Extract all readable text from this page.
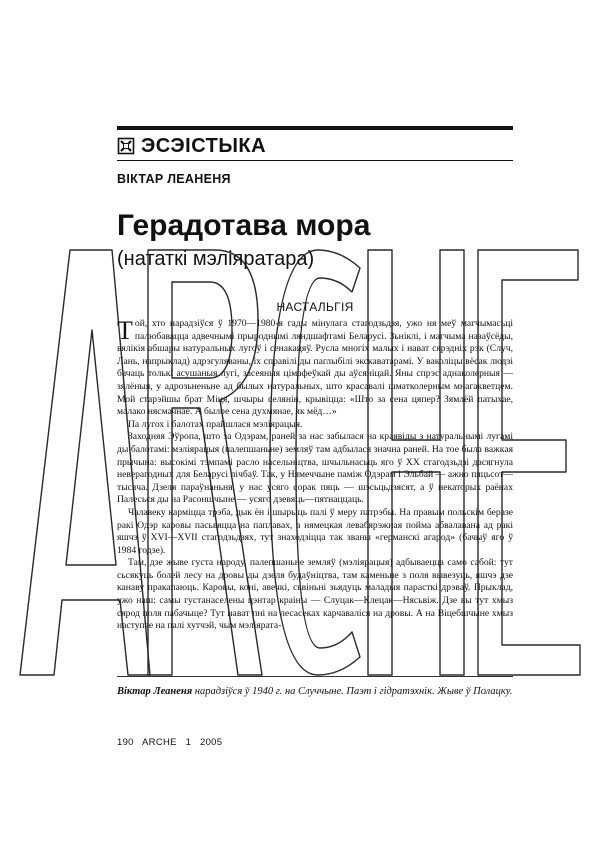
ЭСЭІСТЫКА
ВІКТАР ЛЕАНЕНЯ
Герадотава мора
(нататкі мэліяратара)
НАСТАЛЬГІЯ

Той, хто нарадзіўся ў 1970—1980-я гады мінулага стагодзьдзя, ужо ня меў магчымасьці палюбавацца адвечнымі прыроднымі ляндшафтамі Беларусі. Зьніклі, і магчыма назаўсёды, вялікія абшары натуральных лугоў і сенакацяў. Русла многіх малых і нават сярэдніх рэк (Случ, Лань, напрыклад) адрэгуляваны, іх справілі ды паглыбілі экскаватарамі. У ваколіцы вёсак людзі бачаць толькі асушаныя лугі, засеяныя цімафеўкай ды аўсяніцай. Яны спрэс аднаколерныя — зялёныя, у адрозьненьне ад былых натуральных, што красавалі шматколерным мнагакветцем. Мой старэйшы брат Міця, шчыры селянін, крывіцца: «Што за сена цяпер? Зямлёй патыхае, малако нясмачнае. А былое сена духмянае, як мёд…»

Па лугох і балотах прайшлася мэліярацыя.

Заходняя Эўропа, што за Одэрам, раней за нас забылася на краявіды з натуральнымі лугамі ды балотамі: мэліярацыя (палепшаньне) земляў там адбылася значна раней. На тое была важкая прычына: высокімі тэмпамі расло насельніцтва, шчыльнасьць яго ў XX стагодзьдзі дасягнула неверагодных для Беларусі лічбаў. Так, у Нямеччыне паміж Одэрам і Эльбай — ажно пяцьсот—тысяча. Дзеля параўнаньня, у нас усяго сорак пяць — шэсьцьдзясят, а ў некаторых раёнах Палесься ды на Расоншчыне — усяго дзевяць—пятнаццаць.

Чалавеку карміцца трэба, дык ён і шырыць палі ў меру патрэбы. На правым польскім беразе ракі Одэр каровы пасьвяцца на паплавах, а нямецкая левабярэжная пойма абвалавана ад ракі яшчэ ў XVI—XVII стагодзьдзях, тут знаходзіцца так званы «германскі агарод» (бачыў яго ў 1984 годзе).

Там, дзе жыве густа народу, палепшаньне земляў (мэліярацыя) адбываецца само сабой: тут сьсякуць болей лесу на дровы ды дзеля будаўніцтва, там каменьне з поля вывезуць, яшчэ дзе канаву пракапаюць. Каровы, коні, авечкі, сьвіньні зьядуць маладыя парасткі дрэваў. Прыклад, ужо наш: самы густанаселены цэнтар краіны — Слуцак—Клецак—Нясьвіж. Дзе вы тут хмыз сярод поля пабачыце? Тут нават пні на лесасеках карчаваліся на дровы. А на Віцебшчыне хмыз наступае на палі хутчэй, чым мэліярата-

Віктар Леаненя нарадзіўся ў 1940 г. на Случчыне. Паэт і гідратэхнік. Жыве ў Полацку.
190   ARCHE   1   2005
